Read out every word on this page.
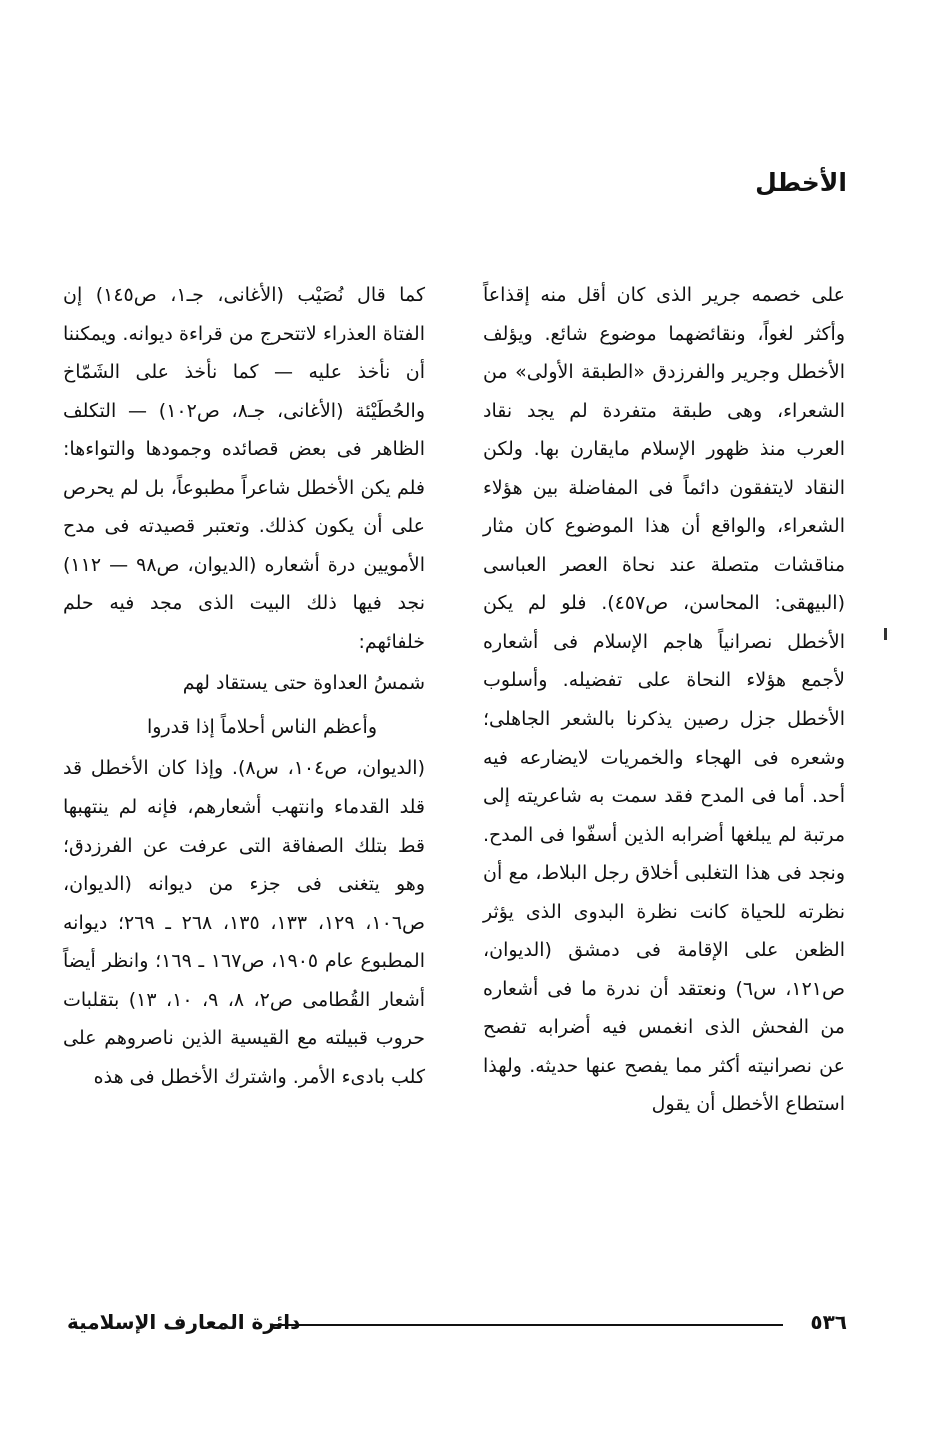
الأخطل

على خصمه جرير الذى كان أقل منه إقذاعاً وأكثر لغواً، ونقائضهما موضوع شائع. ويؤلف الأخطل وجرير والفرزدق «الطبقة الأولى» من الشعراء، وهى طبقة متفردة لم يجد نقاد العرب منذ ظهور الإسلام مايقارن بها. ولكن النقاد لايتفقون دائماً فى المفاضلة بين هؤلاء الشعراء، والواقع أن هذا الموضوع كان مثار مناقشات متصلة عند نحاة العصر العباسى (البيهقى: المحاسن، ص٤٥٧). فلو لم يكن الأخطل نصرانياً هاجم الإسلام فى أشعاره لأجمع هؤلاء النحاة على تفضيله. وأسلوب الأخطل جزل رصين يذكرنا بالشعر الجاهلى؛ وشعره فى الهجاء والخمريات لايضارعه فيه أحد. أما فى المدح فقد سمت به شاعريته إلى مرتبة لم يبلغها أضرابه الذين أسفّوا فى المدح. ونجد فى هذا التغلبى أخلاق رجل البلاط، مع أن نظرته للحياة كانت نظرة البدوى الذى يؤثر الظعن على الإقامة فى دمشق (الديوان، ص١٢١، س٦) ونعتقد أن ندرة ما فى أشعاره من الفحش الذى انغمس فيه أضرابه تفصح عن نصرانيته أكثر مما يفصح عنها حديثه. ولهذا استطاع الأخطل أن يقول

كما قال نُصَيْب (الأغانى، جـ١، ص١٤٥) إن الفتاة العذراء لاتتحرج من قراءة ديوانه. ويمكننا أن نأخذ عليه — كما نأخذ على الشَمّاخ والحُطَيْئة (الأغانى، جـ٨، ص١٠٢) — التكلف الظاهر فى بعض قصائده وجمودها والتواءها: فلم يكن الأخطل شاعراً مطبوعاً، بل لم يحرص على أن يكون كذلك. وتعتبر قصيدته فى مدح الأمويين درة أشعاره (الديوان، ص٩٨ — ١١٢) نجد فيها ذلك البيت الذى مجد فيه حلم خلفائهم:

شمسُ العداوة حتى يستقاد لهم

وأعظم الناس أحلاماً إذا قدروا

(الديوان، ص١٠٤، س٨). وإذا كان الأخطل قد قلد القدماء وانتهب أشعارهم، فإنه لم ينتهبها قط بتلك الصفاقة التى عرفت عن الفرزدق؛ وهو يتغنى فى جزء من ديوانه (الديوان، ص١٠٦، ١٢٩، ١٣٣، ١٣٥، ٢٦٨ ـ ٢٦٩؛ ديوانه المطبوع عام ١٩٠٥، ص١٦٧ ـ ١٦٩؛ وانظر أيضاً أشعار القُطامى ص٢، ٨، ٩، ١٠، ١٣) بتقلبات حروب قبيلته مع القيسية الذين ناصروهم على كلب بادىء الأمر. واشترك الأخطل فى هذه

٥٣٦
دائرة المعارف الإسلامية
